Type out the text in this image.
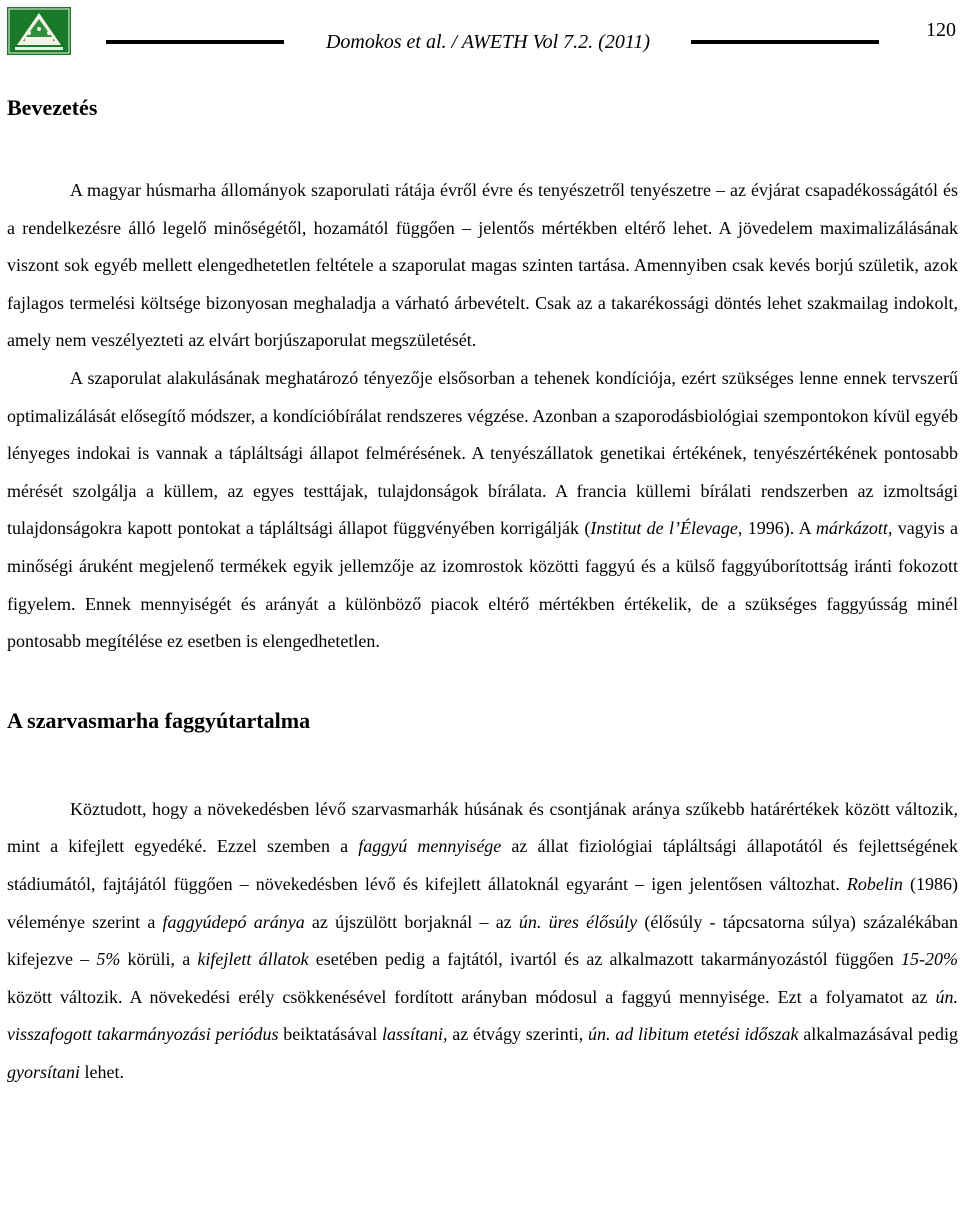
Domokos et al. / AWETH Vol 7.2. (2011)
120
Bevezetés

A magyar húsmarha állományok szaporulati rátája évről évre és tenyészetről tenyészetre – az évjárat csapadékosságától és a rendelkezésre álló legelő minőségétől, hozamától függően – jelentős mértékben eltérő lehet. A jövedelem maximalizálásának viszont sok egyéb mellett elengedhetetlen feltétele a szaporulat magas szinten tartása. Amennyiben csak kevés borjú születik, azok fajlagos termelési költsége bizonyosan meghaladja a várható árbevételt. Csak az a takarékossági döntés lehet szakmailag indokolt, amely nem veszélyezteti az elvárt borjúszaporulat megszületését.

A szaporulat alakulásának meghatározó tényezője elsősorban a tehenek kondíciója, ezért szükséges lenne ennek tervszerű optimalizálását elősegítő módszer, a kondícióbírálat rendszeres végzése. Azonban a szaporodásbiológiai szempontokon kívül egyéb lényeges indokai is vannak a tápláltsági állapot felmérésének. A tenyészállatok genetikai értékének, tenyészértékének pontosabb mérését szolgálja a küllem, az egyes testtájak, tulajdonságok bírálata. A francia küllemi bírálati rendszerben az izmoltsági tulajdonságokra kapott pontokat a tápláltsági állapot függvényében korrigálják (Institut de l’Élevage, 1996). A márkázott, vagyis a minőségi áruként megjelenő termékek egyik jellemzője az izomrostok közötti faggyú és a külső faggyúborítottság iránti fokozott figyelem. Ennek mennyiségét és arányát a különböző piacok eltérő mértékben értékelik, de a szükséges faggyússág minél pontosabb megítélése ez esetben is elengedhetetlen.

A szarvasmarha faggyútartalma

Köztudott, hogy a növekedésben lévő szarvasmarhák húsának és csontjának aránya szűkebb határértékek között változik, mint a kifejlett egyedéké. Ezzel szemben a faggyú mennyisége az állat fiziológiai tápláltsági állapotától és fejlettségének stádiumától, fajtájától függően – növekedésben lévő és kifejlett állatoknál egyaránt – igen jelentősen változhat. Robelin (1986) véleménye szerint a faggyúdepó aránya az újszülött borjaknál – az ún. üres élősúly (élősúly - tápcsatorna súlya) százalékában kifejezve – 5% körüli, a kifejlett állatok esetében pedig a fajtától, ivartól és az alkalmazott takarmányozástól függően 15-20% között változik. A növekedési erély csökkenésével fordított arányban módosul a faggyú mennyisége. Ezt a folyamatot az ún. visszafogott takarmányozási periódus beiktatásával lassítani, az étvágy szerinti, ún. ad libitum etetési időszak alkalmazásával pedig gyorsítani lehet.
